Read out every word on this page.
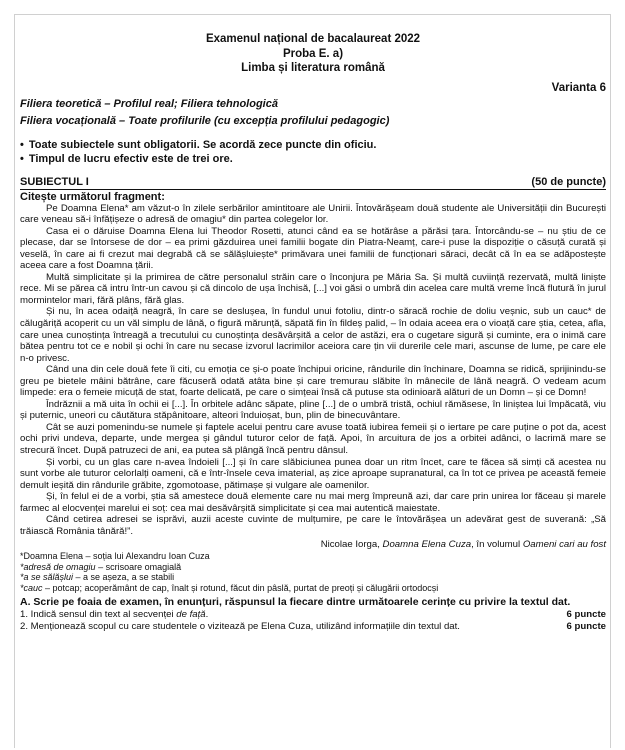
Examenul național de bacalaureat 2022
Proba E. a)
Limba și literatura română
Varianta 6
Filiera teoretică – Profilul real; Filiera tehnologică
Filiera vocațională – Toate profilurile (cu excepția profilului pedagogic)
• Toate subiectele sunt obligatorii. Se acordă zece puncte din oficiu.
• Timpul de lucru efectiv este de trei ore.
SUBIECTUL I	(50 de puncte)
Citește următorul fragment:

Pe Doamna Elena* am văzut-o în zilele serbărilor amintitoare ale Unirii. Întovărășeam două studente ale Universității din București care veneau să-i înfățișeze o adresă de omagiu* din partea colegelor lor.

Casa ei o dăruise Doamna Elena lui Theodor Rosetti, atunci când ea se hotărâse a părăsi țara. Întorcându-se – nu știu de ce plecase, dar se întorsese de dor – ea primi găzduirea unei familii bogate din Piatra-Neamț, care-i puse la dispoziție o căsuță curată și veselă, în care ai fi crezut mai degrabă că se sălășluiește* primăvara unei familii de funcționari săraci, decât că în ea se adăpostește aceea care a fost Doamna țării.

Multă simplicitate și la primirea de către personalul străin care o înconjura pe Măria Sa. Și multă cuviință rezervată, multă liniște rece. Mi se părea că intru într-un cavou și că dincolo de ușa închisă, [...] voi găsi o umbră din acelea care multă vreme încă flutură în jurul mormintelor mari, fără plâns, fără glas.

Și nu, în acea odaiță neagră, în care se deslușea, în fundul unui fotoliu, dintr-o săracă rochie de doliu veșnic, sub un cauc* de călugăriță acoperit cu un văl simplu de lână, o figură mărunță, săpată fin în fildeș palid, – în odaia aceea era o vioață care știa, cetea, afla, care unea cunoștința întreagă a trecutului cu cunoștința desăvârșită a celor de astăzi, era o cugetare sigură și cuminte, era o inimă care bătea pentru tot ce e nobil și ochi în care nu secase izvorul lacrimilor aceiora care țin vii durerile cele mari, ascunse de lume, pe care ele n-o privesc.

Când una din cele două fete îi citi, cu emoția ce și-o poate închipui oricine, rândurile din închinare, Doamna se ridică, sprijinindu-se greu pe bietele mâini bătrâne, care făcuseră odată atâta bine și care tremurau slăbite în mânecile de lână neagră. O vedeam acum limpede: era o femeie micuță de stat, foarte delicată, pe care o simțeai însă că putuse sta odinioară alături de un Domn – și ce Domn!

Îndrăznii a mă uita în ochii ei [...]. În orbitele adânc săpate, pline [...] de o umbră tristă, ochiul rămăsese, în liniștea lui împăcată, viu și puternic, uneori cu căutătura stăpânitoare, alteori înduioșat, bun, plin de binecuvântare.

Cât se auzi pomenindu-se numele și faptele acelui pentru care avuse toată iubirea femeii și o iertare pe care puține o pot da, acest ochi privi undeva, departe, unde mergea și gândul tuturor celor de față. Apoi, în arcuitura de jos a orbitei adânci, o lacrimă mare se strecură încet. După patruzeci de ani, ea putea să plângă încă pentru dânsul.

Și vorbi, cu un glas care n-avea îndoieli [...] și în care slăbiciunea punea doar un ritm încet, care te făcea să simți că acestea nu sunt vorbe ale tuturor celorlalți oameni, că e într-însele ceva imaterial, aș zice aproape supranatural, ca în tot ce privea pe această femeie demult ieșită din rândurile grăbite, zgomotoase, pătimașe și vulgare ale oamenilor.

Și, în felul ei de a vorbi, știa să amestece două elemente care nu mai merg împreună azi, dar care prin unirea lor făceau și marele farmec al elocvenței marelui ei soț: cea mai desăvârșită simplicitate și cea mai autentică maiestate.

Când cetirea adresei se isprăvi, auzii aceste cuvinte de mulțumire, pe care le întovărășea un adevărat gest de suverană: „Să trăiască România tânără!”.

Nicolae Iorga, Doamna Elena Cuza, în volumul Oameni cari au fost
*Doamna Elena – soția lui Alexandru Ioan Cuza
*adresă de omagiu – scrisoare omagială
*a se sălășlui – a se așeza, a se stabili
*cauc – potcap; acoperământ de cap, înalt și rotund, făcut din pâslă, purtat de preoți și călugării ortodocși
A. Scrie pe foaia de examen, în enunțuri, răspunsul la fiecare dintre următoarele cerințe cu privire la textul dat.
1. Indică sensul din text al secvenței de față.	6 puncte
2. Menționează scopul cu care studentele o vizitează pe Elena Cuza, utilizând informațiile din textul dat.	6 puncte
